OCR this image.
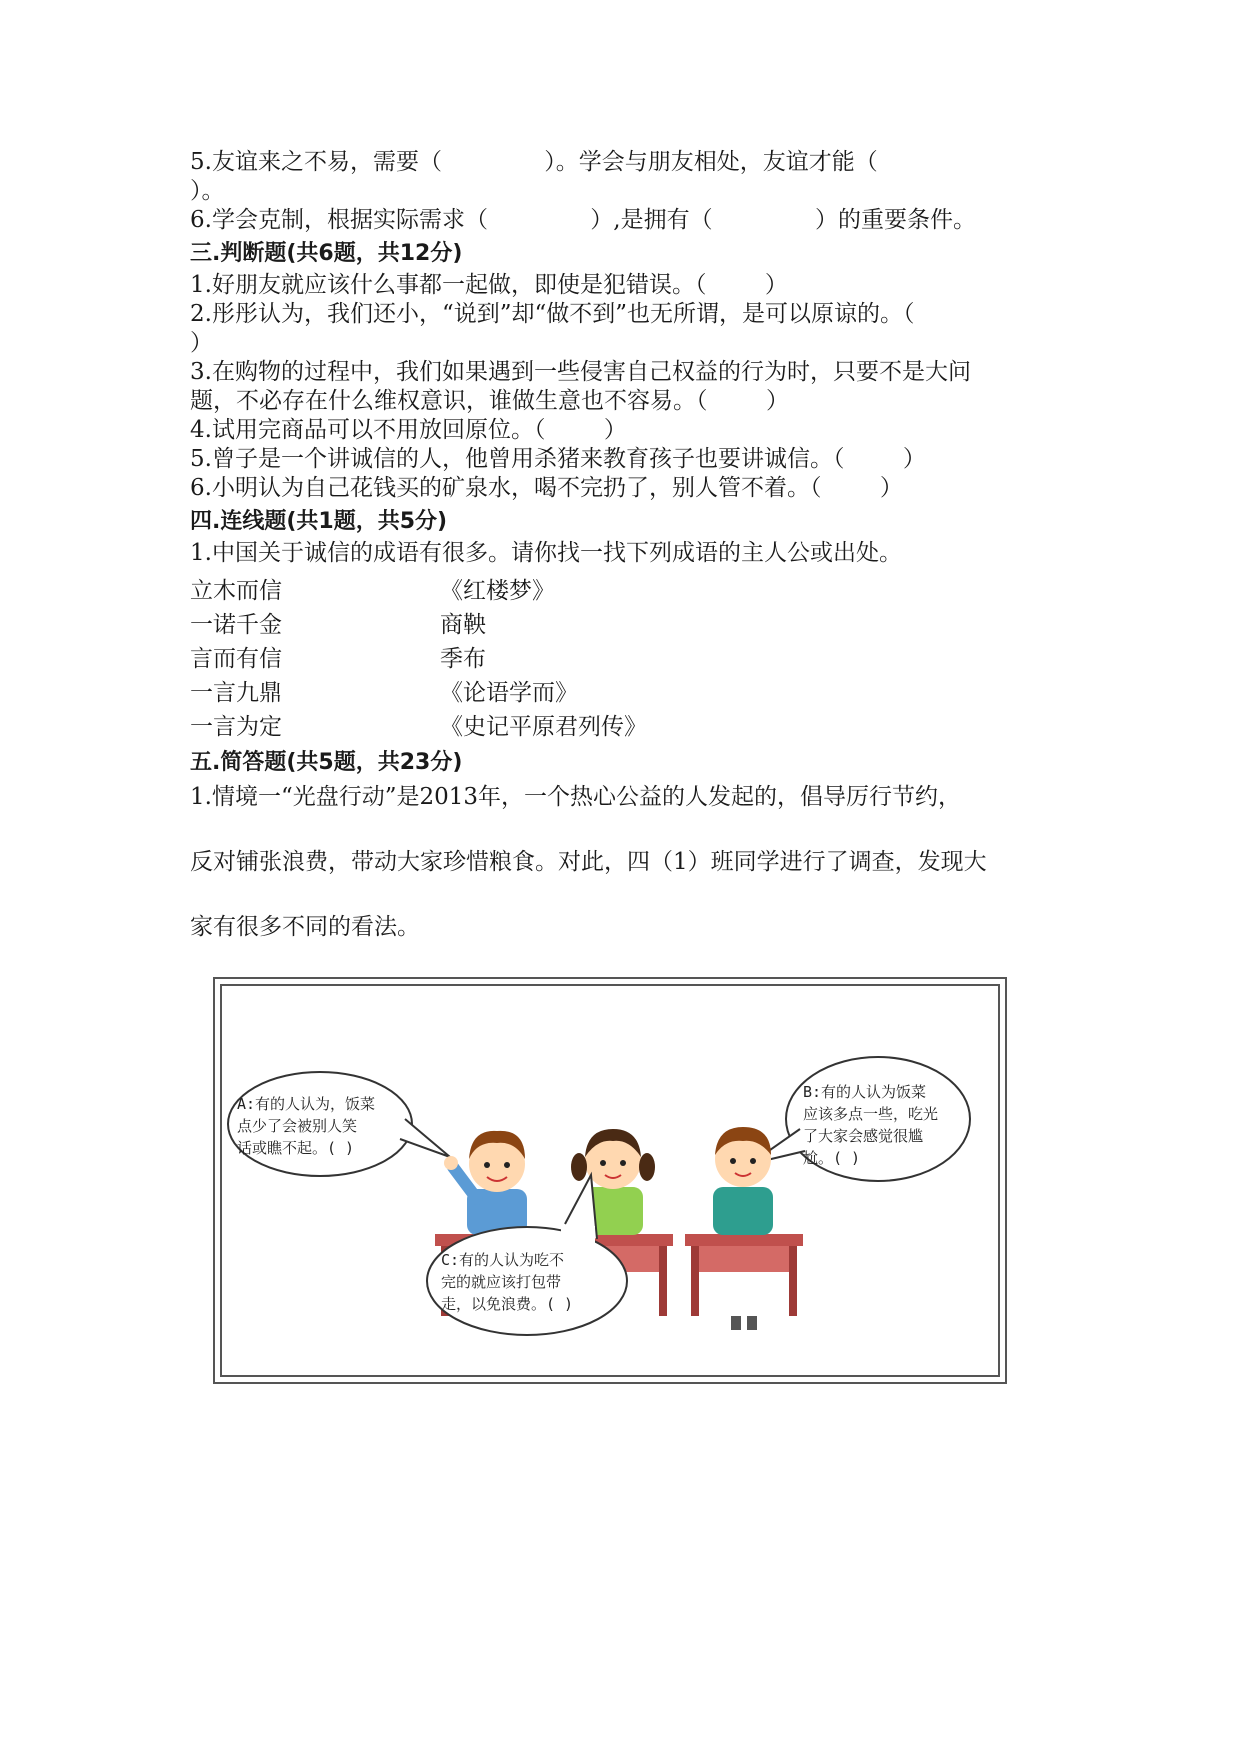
5.友谊来之不易，需要（              ）。学会与朋友相处，友谊才能（

）。

6.学会克制，根据实际需求（              ）,是拥有（              ）的重要条件。

三.判断题(共6题，共12分)

1.好朋友就应该什么事都一起做，即使是犯错误。（        ）

2.彤彤认为，我们还小，“说到”却“做不到”也无所谓，是可以原谅的。（

）

3.在购物的过程中，我们如果遇到一些侵害自己权益的行为时，只要不是大问

题，不必存在什么维权意识，谁做生意也不容易。（        ）

4.试用完商品可以不用放回原位。（        ）

5.曾子是一个讲诚信的人，他曾用杀猪来教育孩子也要讲诚信。（        ）

6.小明认为自己花钱买的矿泉水，喝不完扔了，别人管不着。（        ）

四.连线题(共1题，共5分)

1.中国关于诚信的成语有很多。请你找一找下列成语的主人公或出处。

立木而信	《红楼梦》
一诺千金	商鞅
言而有信	季布
一言九鼎	《论语学而》
一言为定	《史记平原君列传》

五.简答题(共5题，共23分)

1.情境一“光盘行动”是2013年，一个热心公益的人发起的，倡导厉行节约，
反对铺张浪费，带动大家珍惜粮食。对此，四（1）班同学进行了调查，发现大
家有很多不同的看法。
A:有的人认为，饭菜
点少了会被别人笑
话或瞧不起。( )
B:有的人认为饭菜
应该多点一些，吃光
了大家会感觉很尴
尬。( )
C:有的人认为吃不
完的就应该打包带
走，以免浪费。( )
